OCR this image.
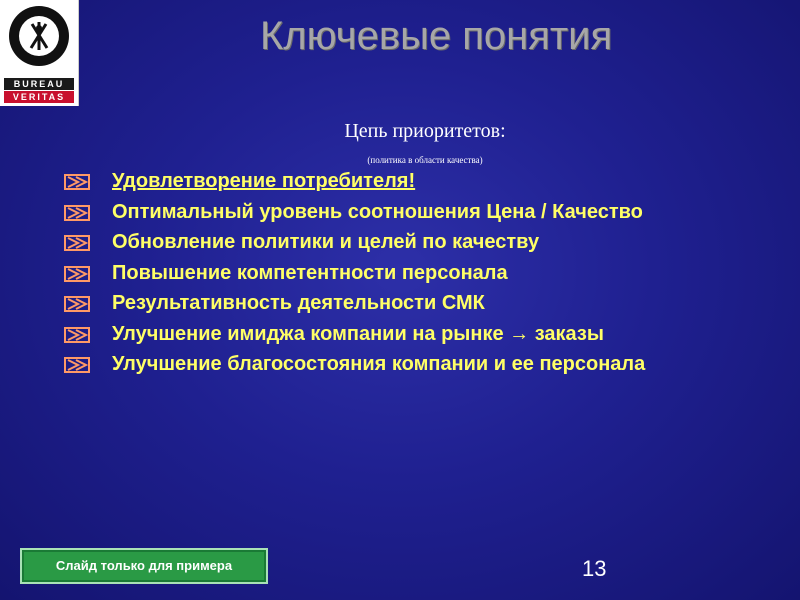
BUREAU
VERITAS
Ключевые понятия
Цепь приоритетов:
(политика в области качества)
Удовлетворение потребителя!
Оптимальный уровень соотношения Цена / Качество
Обновление политики и целей по качеству
Повышение компетентности персонала
Результативность деятельности СМК
Улучшение имиджа компании на рынке → заказы
Улучшение благосостояния компании и ее персонала
Слайд только для примера	13
